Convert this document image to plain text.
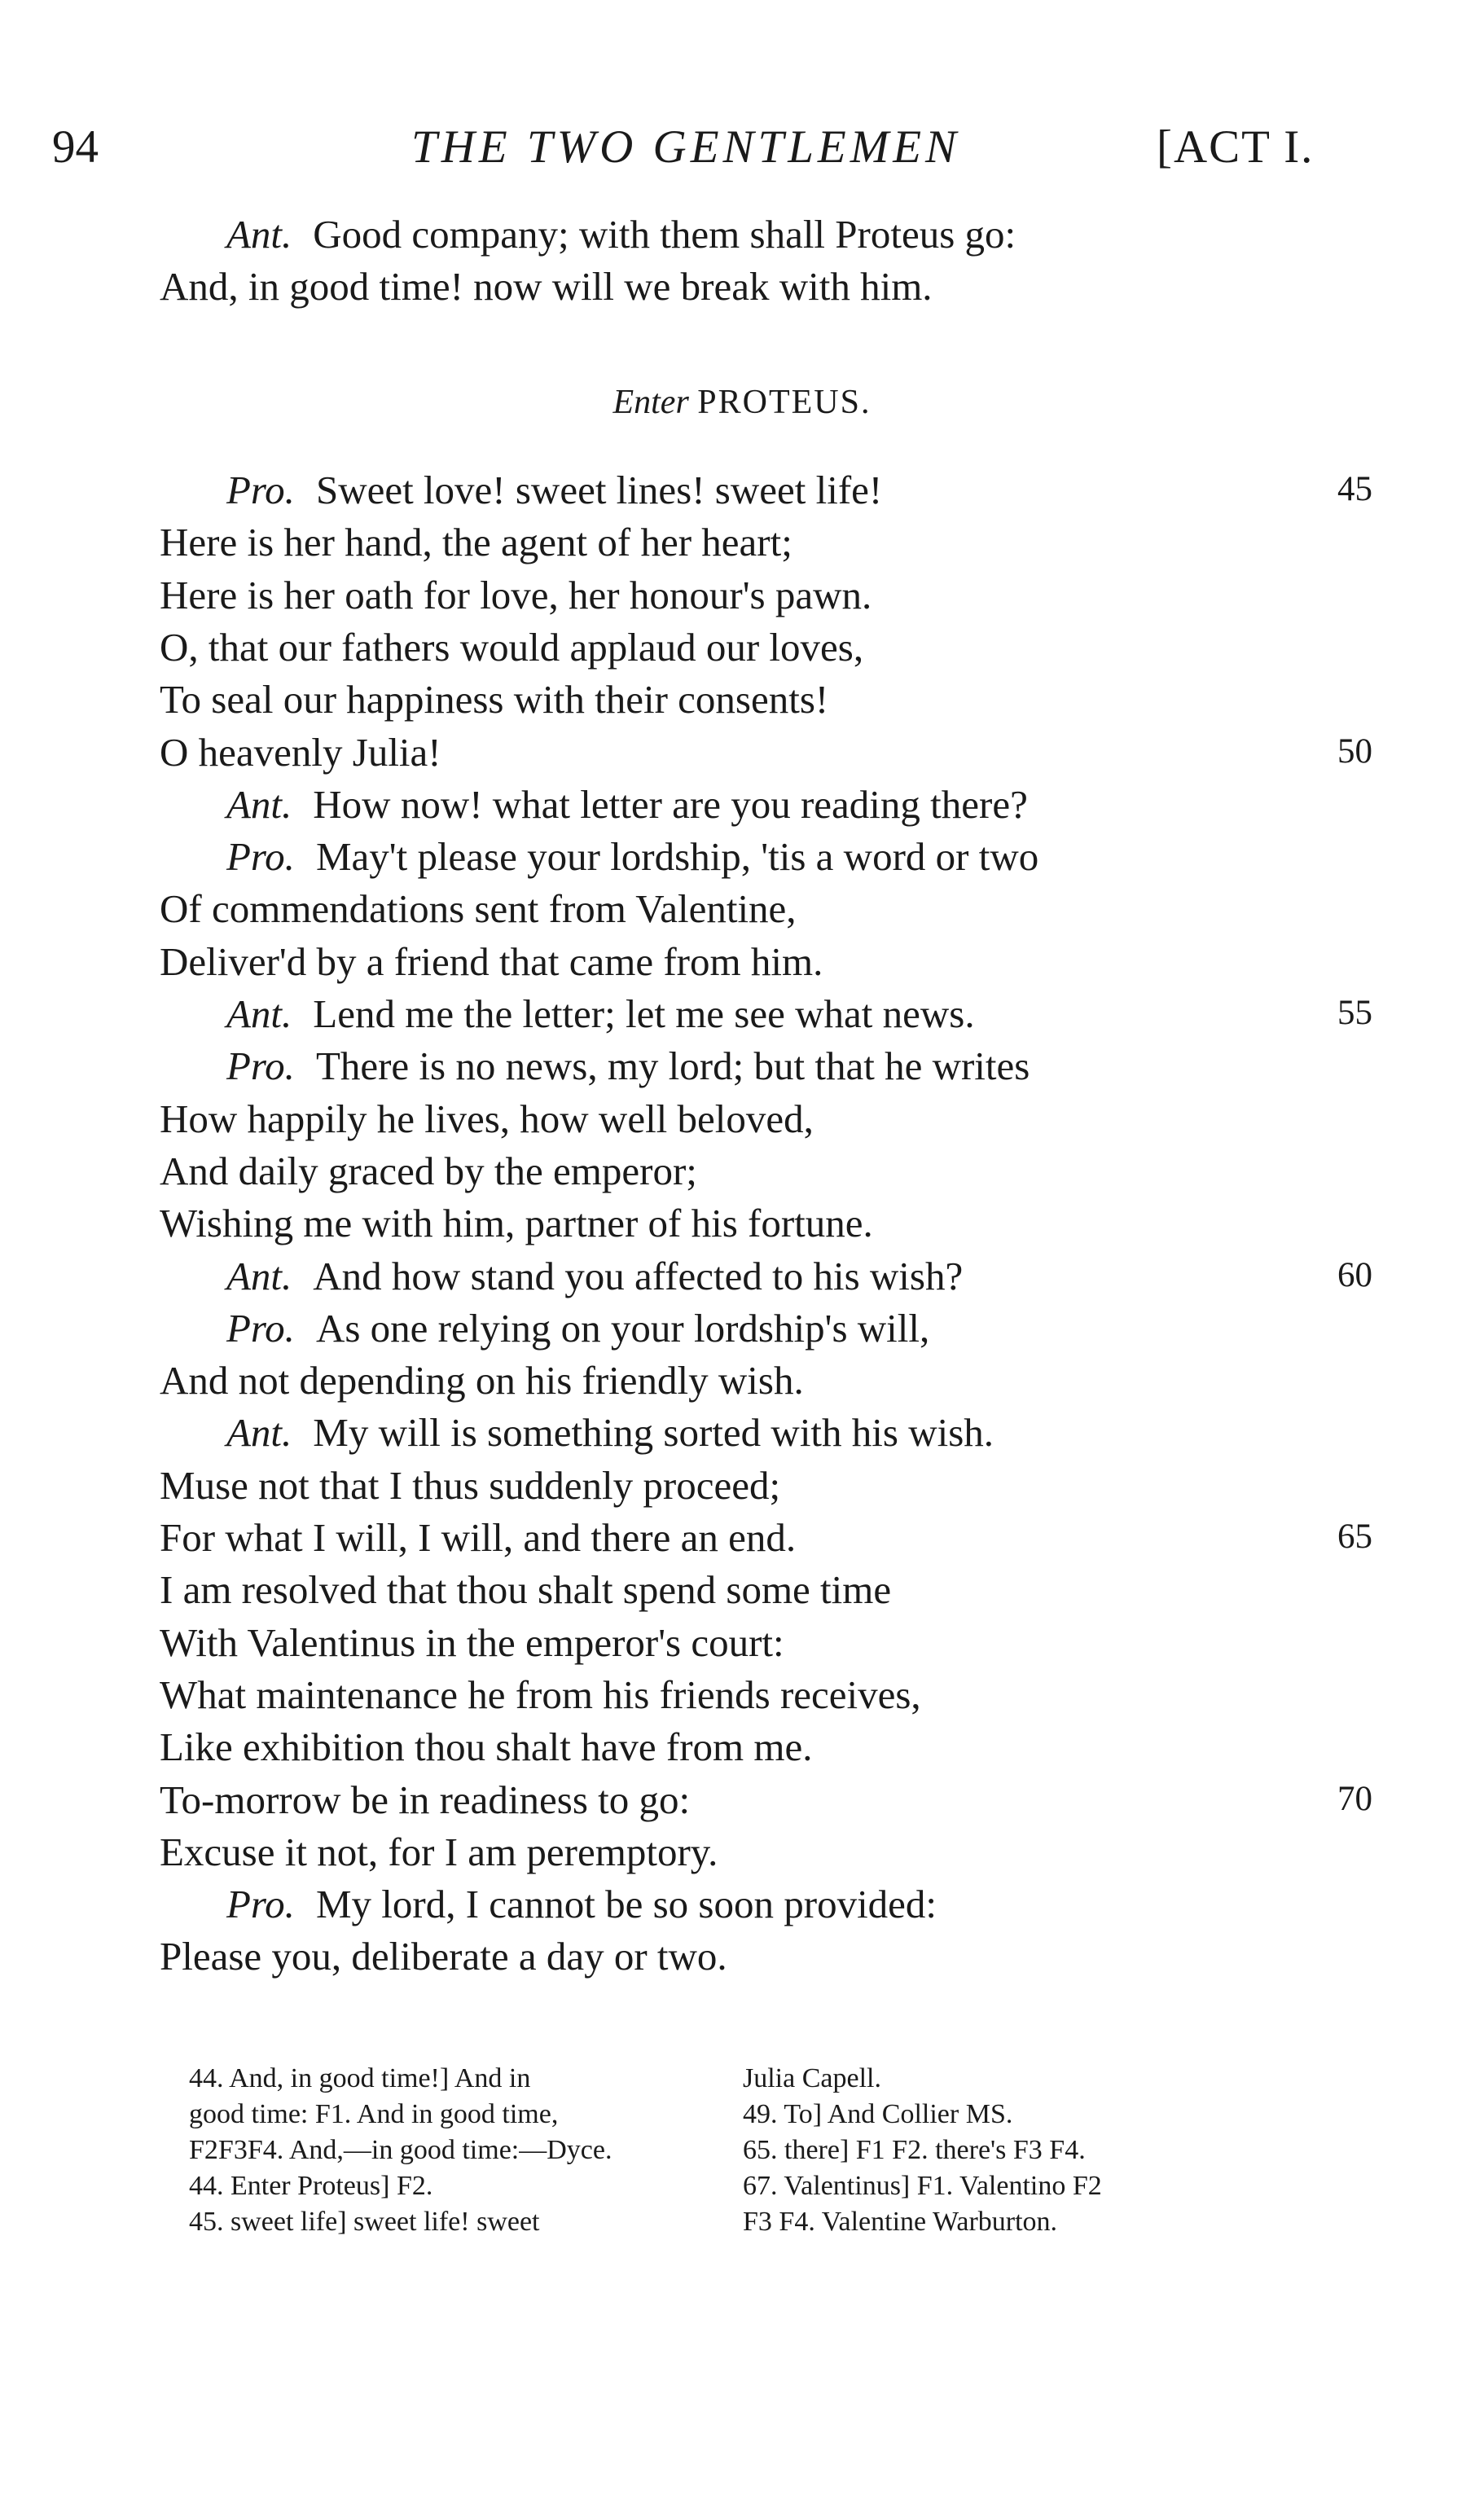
94	THE TWO GENTLEMEN	[ACT I.
Ant. Good company; with them shall Proteus go:
And, in good time! now will we break with him.
Pro. Sweet love! sweet lines! sweet life!	45
Here is her hand, the agent of her heart;
Here is her oath for love, her honour's pawn.
O, that our fathers would applaud our loves,
To seal our happiness with their consents!
O heavenly Julia!	50
Ant. How now! what letter are you reading there?
Pro. May't please your lordship, 'tis a word or two
Of commendations sent from Valentine,
Deliver'd by a friend that came from him.
Ant. Lend me the letter; let me see what news.	55
Pro. There is no news, my lord; but that he writes
How happily he lives, how well beloved,
And daily graced by the emperor;
Wishing me with him, partner of his fortune.
Ant. And how stand you affected to his wish?	60
Pro. As one relying on your lordship's will,
And not depending on his friendly wish.
Ant. My will is something sorted with his wish.
Muse not that I thus suddenly proceed;
For what I will, I will, and there an end.	65
I am resolved that thou shalt spend some time
With Valentinus in the emperor's court:
What maintenance he from his friends receives,
Like exhibition thou shalt have from me.
To-morrow be in readiness to go:	70
Excuse it not, for I am peremptory.
Pro. My lord, I cannot be so soon provided:
Please you, deliberate a day or two.
Enter PROTEUS.
44. And, in good time!] And in
good time: F1. And in good time,
F2F3F4. And,—in good time:—Dyce.
44. Enter Proteus] F2.
45. sweet life] sweet life! sweet
Julia Capell.
49. To] And Collier MS.
65. there] F1 F2. there's F3 F4.
67. Valentinus] F1. Valentino F2
F3 F4. Valentine Warburton.
